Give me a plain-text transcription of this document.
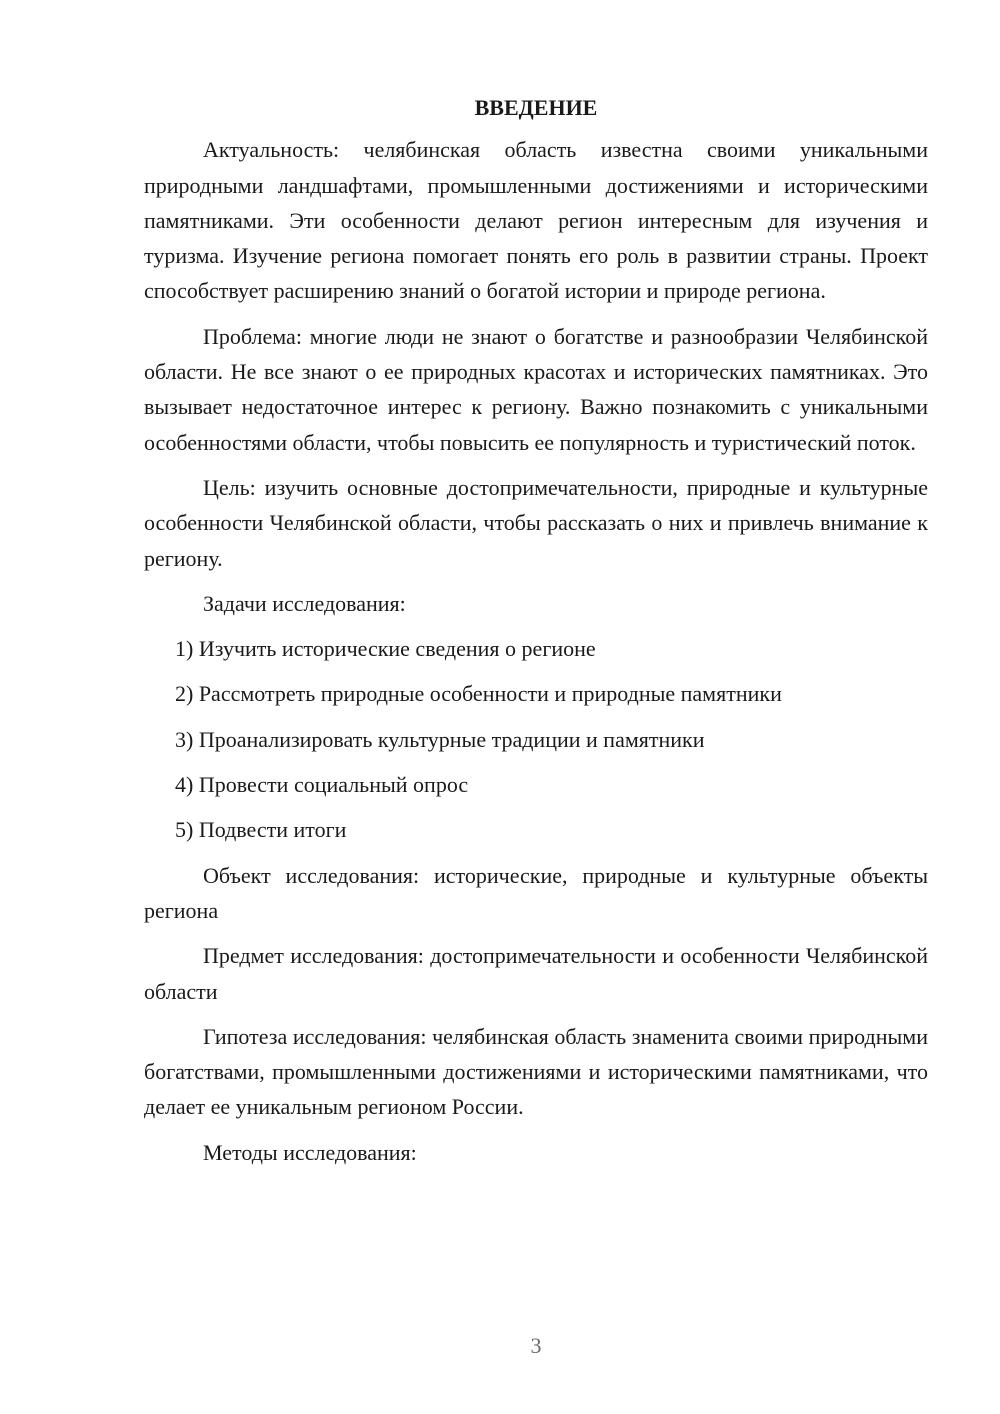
ВВЕДЕНИЕ

Актуальность: челябинская область известна своими уникальными природными ландшафтами, промышленными достижениями и историческими памятниками. Эти особенности делают регион интересным для изучения и туризма. Изучение региона помогает понять его роль в развитии страны. Проект способствует расширению знаний о богатой истории и природе региона.

Проблема: многие люди не знают о богатстве и разнообразии Челябинской области. Не все знают о ее природных красотах и исторических памятниках. Это вызывает недостаточное интерес к региону. Важно познакомить с уникальными особенностями области, чтобы повысить ее популярность и туристический поток.

Цель: изучить основные достопримечательности, природные и культурные особенности Челябинской области, чтобы рассказать о них и привлечь внимание к региону.

Задачи исследования:

1) Изучить исторические сведения о регионе
2) Рассмотреть природные особенности и природные памятники
3) Проанализировать культурные традиции и памятники
4) Провести социальный опрос
5) Подвести итоги

Объект исследования: исторические, природные и культурные объекты региона

Предмет исследования: достопримечательности и особенности Челябинской области

Гипотеза исследования: челябинская область знаменита своими природными богатствами, промышленными достижениями и историческими памятниками, что делает ее уникальным регионом России.

Методы исследования:

3
